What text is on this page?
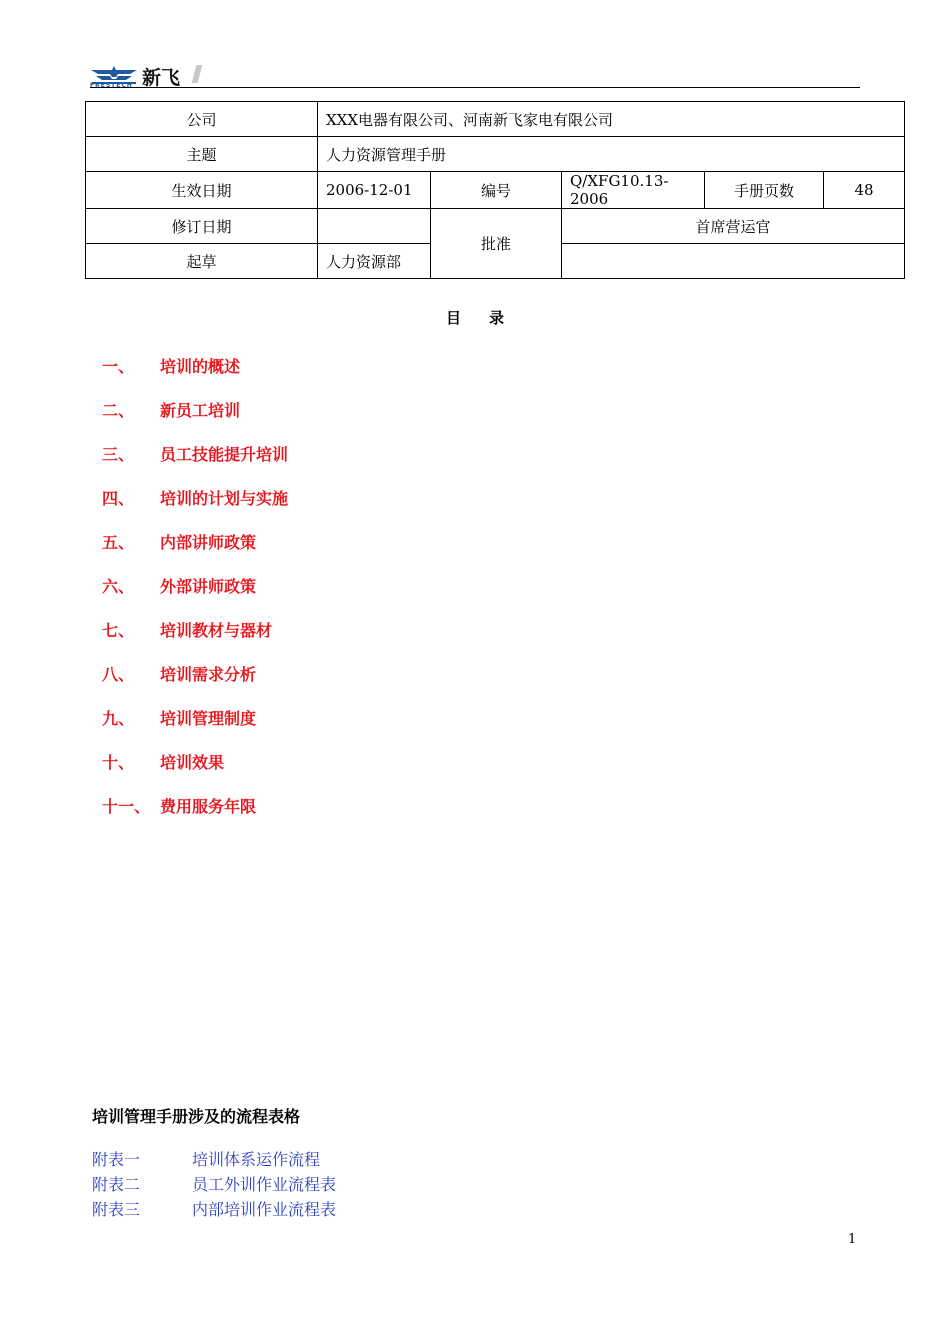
FRESTECH 新飞
公司	XXX电器有限公司、河南新飞家电有限公司				
主题	人力资源管理手册				
生效日期	2006-12-01	编号	Q/XFG10.13-2006	手册页数	48
修订日期		批准	首席营运官		
起草	人力资源部				
目 录
一、 培训的概述
二、 新员工培训
三、 员工技能提升培训
四、 培训的计划与实施
五、 内部讲师政策
六、 外部讲师政策
七、 培训教材与器材
八、 培训需求分析
九、 培训管理制度
十、 培训效果
十一、 费用服务年限
培训管理手册涉及的流程表格
附表一	培训体系运作流程
附表二	员工外训作业流程表
附表三	内部培训作业流程表
1
